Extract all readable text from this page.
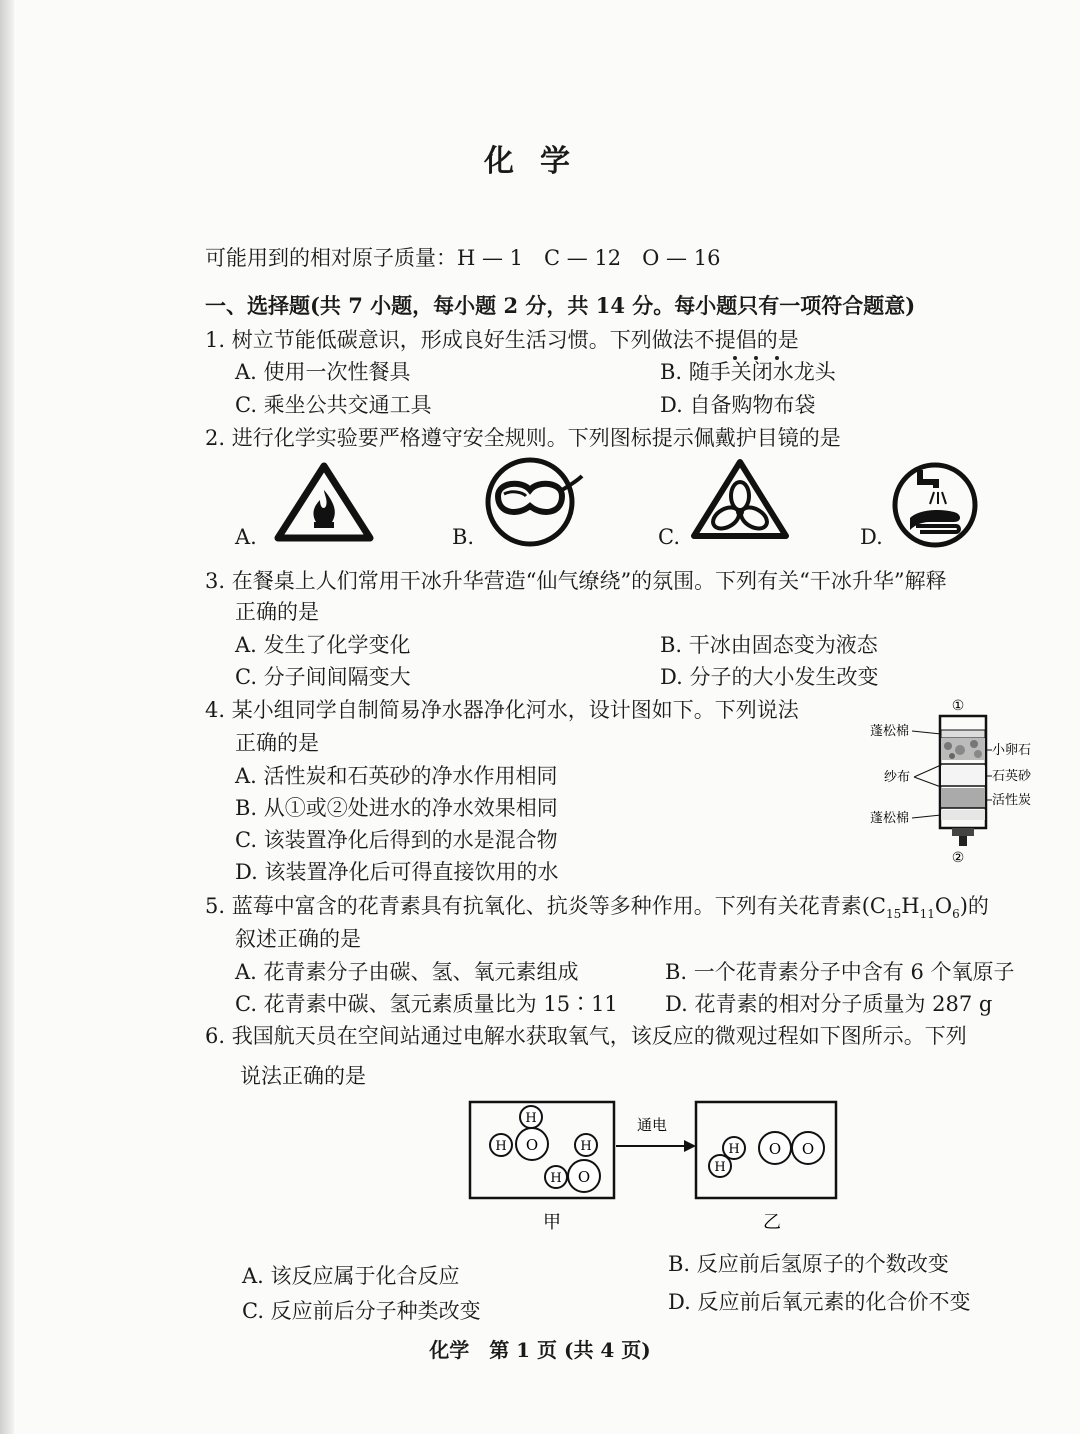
化学
可能用到的相对原子质量：H — 1　C — 12　O — 16
一、选择题(共 7 小题，每小题 2 分，共 14 分。每小题只有一项符合题意)
1. 树立节能低碳意识，形成良好生活习惯。下列做法不提倡的是
A. 使用一次性餐具	B. 随手关闭水龙头
C. 乘坐公共交通工具	D. 自备购物布袋
2. 进行化学实验要严格遵守安全规则。下列图标提示佩戴护目镜的是
A.	B.	C.	D.
3. 在餐桌上人们常用干冰升华营造“仙气缭绕”的氛围。下列有关“干冰升华”解释
正确的是
A. 发生了化学变化	B. 干冰由固态变为液态
C. 分子间间隔变大	D. 分子的大小发生改变
4. 某小组同学自制简易净水器净化河水，设计图如下。下列说法
正确的是
A. 活性炭和石英砂的净水作用相同
B. 从①或②处进水的净水效果相同
C. 该装置净化后得到的水是混合物
D. 该装置净化后可得直接饮用的水
①
②
蓬松棉
纱布
蓬松棉
小卵石
石英砂
活性炭
5. 蓝莓中富含的花青素具有抗氧化、抗炎等多种作用。下列有关花青素$(C_{15}H_{11}O_6)$的
叙述正确的是
A. 花青素分子由碳、氢、氧元素组成	B. 一个花青素分子中含有 6 个氧原子
C. 花青素中碳、氢元素质量比为 15∶11 D. 花青素的相对分子质量为 287 g
6. 我国航天员在空间站通过电解水获取氧气，该反应的微观过程如下图所示。下列
说法正确的是
H
H O	H
H O
通电
H
H
O O
甲	乙
A. 该反应属于化合反应	B. 反应前后氢原子的个数改变
C. 反应前后分子种类改变	D. 反应前后氧元素的化合价不变
化学　第 1 页 (共 4 页)
